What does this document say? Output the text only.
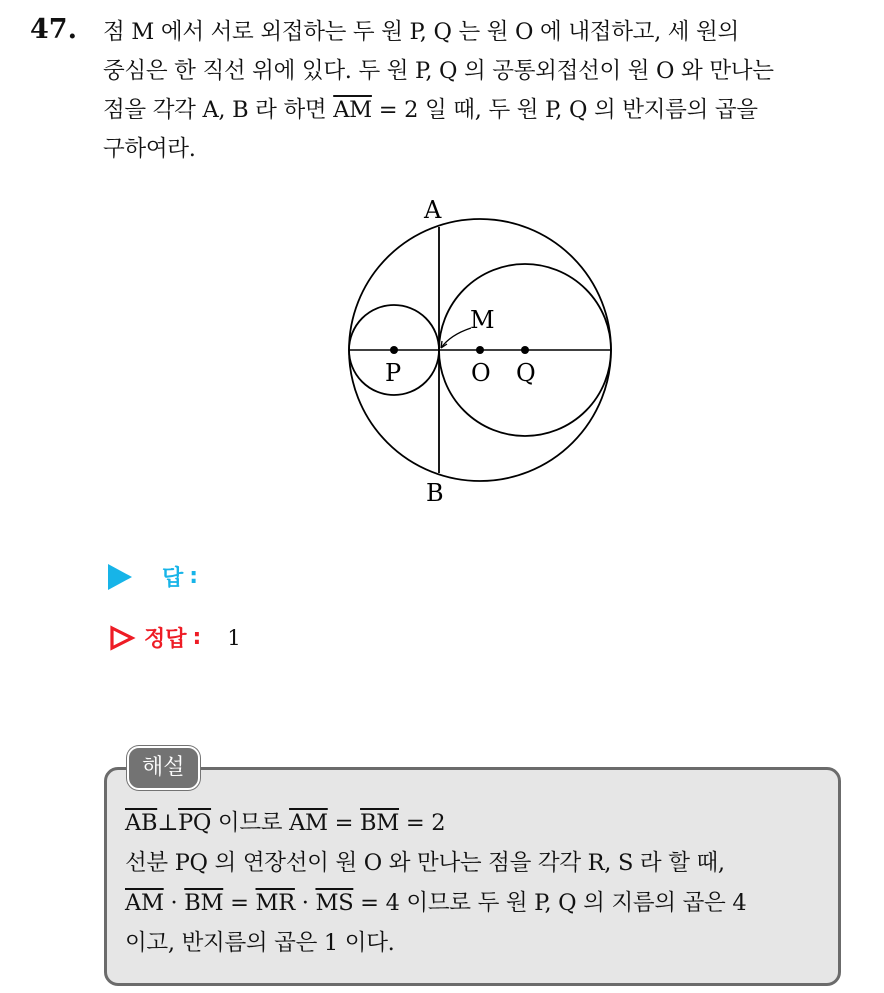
47. 점 M 에서 서로 외접하는 두 원 P, Q 는 원 O 에 내접하고, 세 원의
중심은 한 직선 위에 있다. 두 원 P, Q 의 공통외접선이 원 O 와 만나는
점을 각각 A, B 라 하면 $\overline{AM} = 2$ 일 때, 두 원 P, Q 의 반지름의 곱을
구하여라.
A
B
M
P	O Q
답 :
정답 : 1
해설
$\overline{AB}\perp\overline{PQ}$ 이므로 $\overline{AM} = \overline{BM} = 2$
선분 PQ 의 연장선이 원 O 와 만나는 점을 각각 R, S 라 할 때,
$\overline{AM} \cdot \overline{BM} = \overline{MR} \cdot \overline{MS} = 4$ 이므로 두 원 P, Q 의 지름의 곱은 4
이고, 반지름의 곱은 1 이다.
